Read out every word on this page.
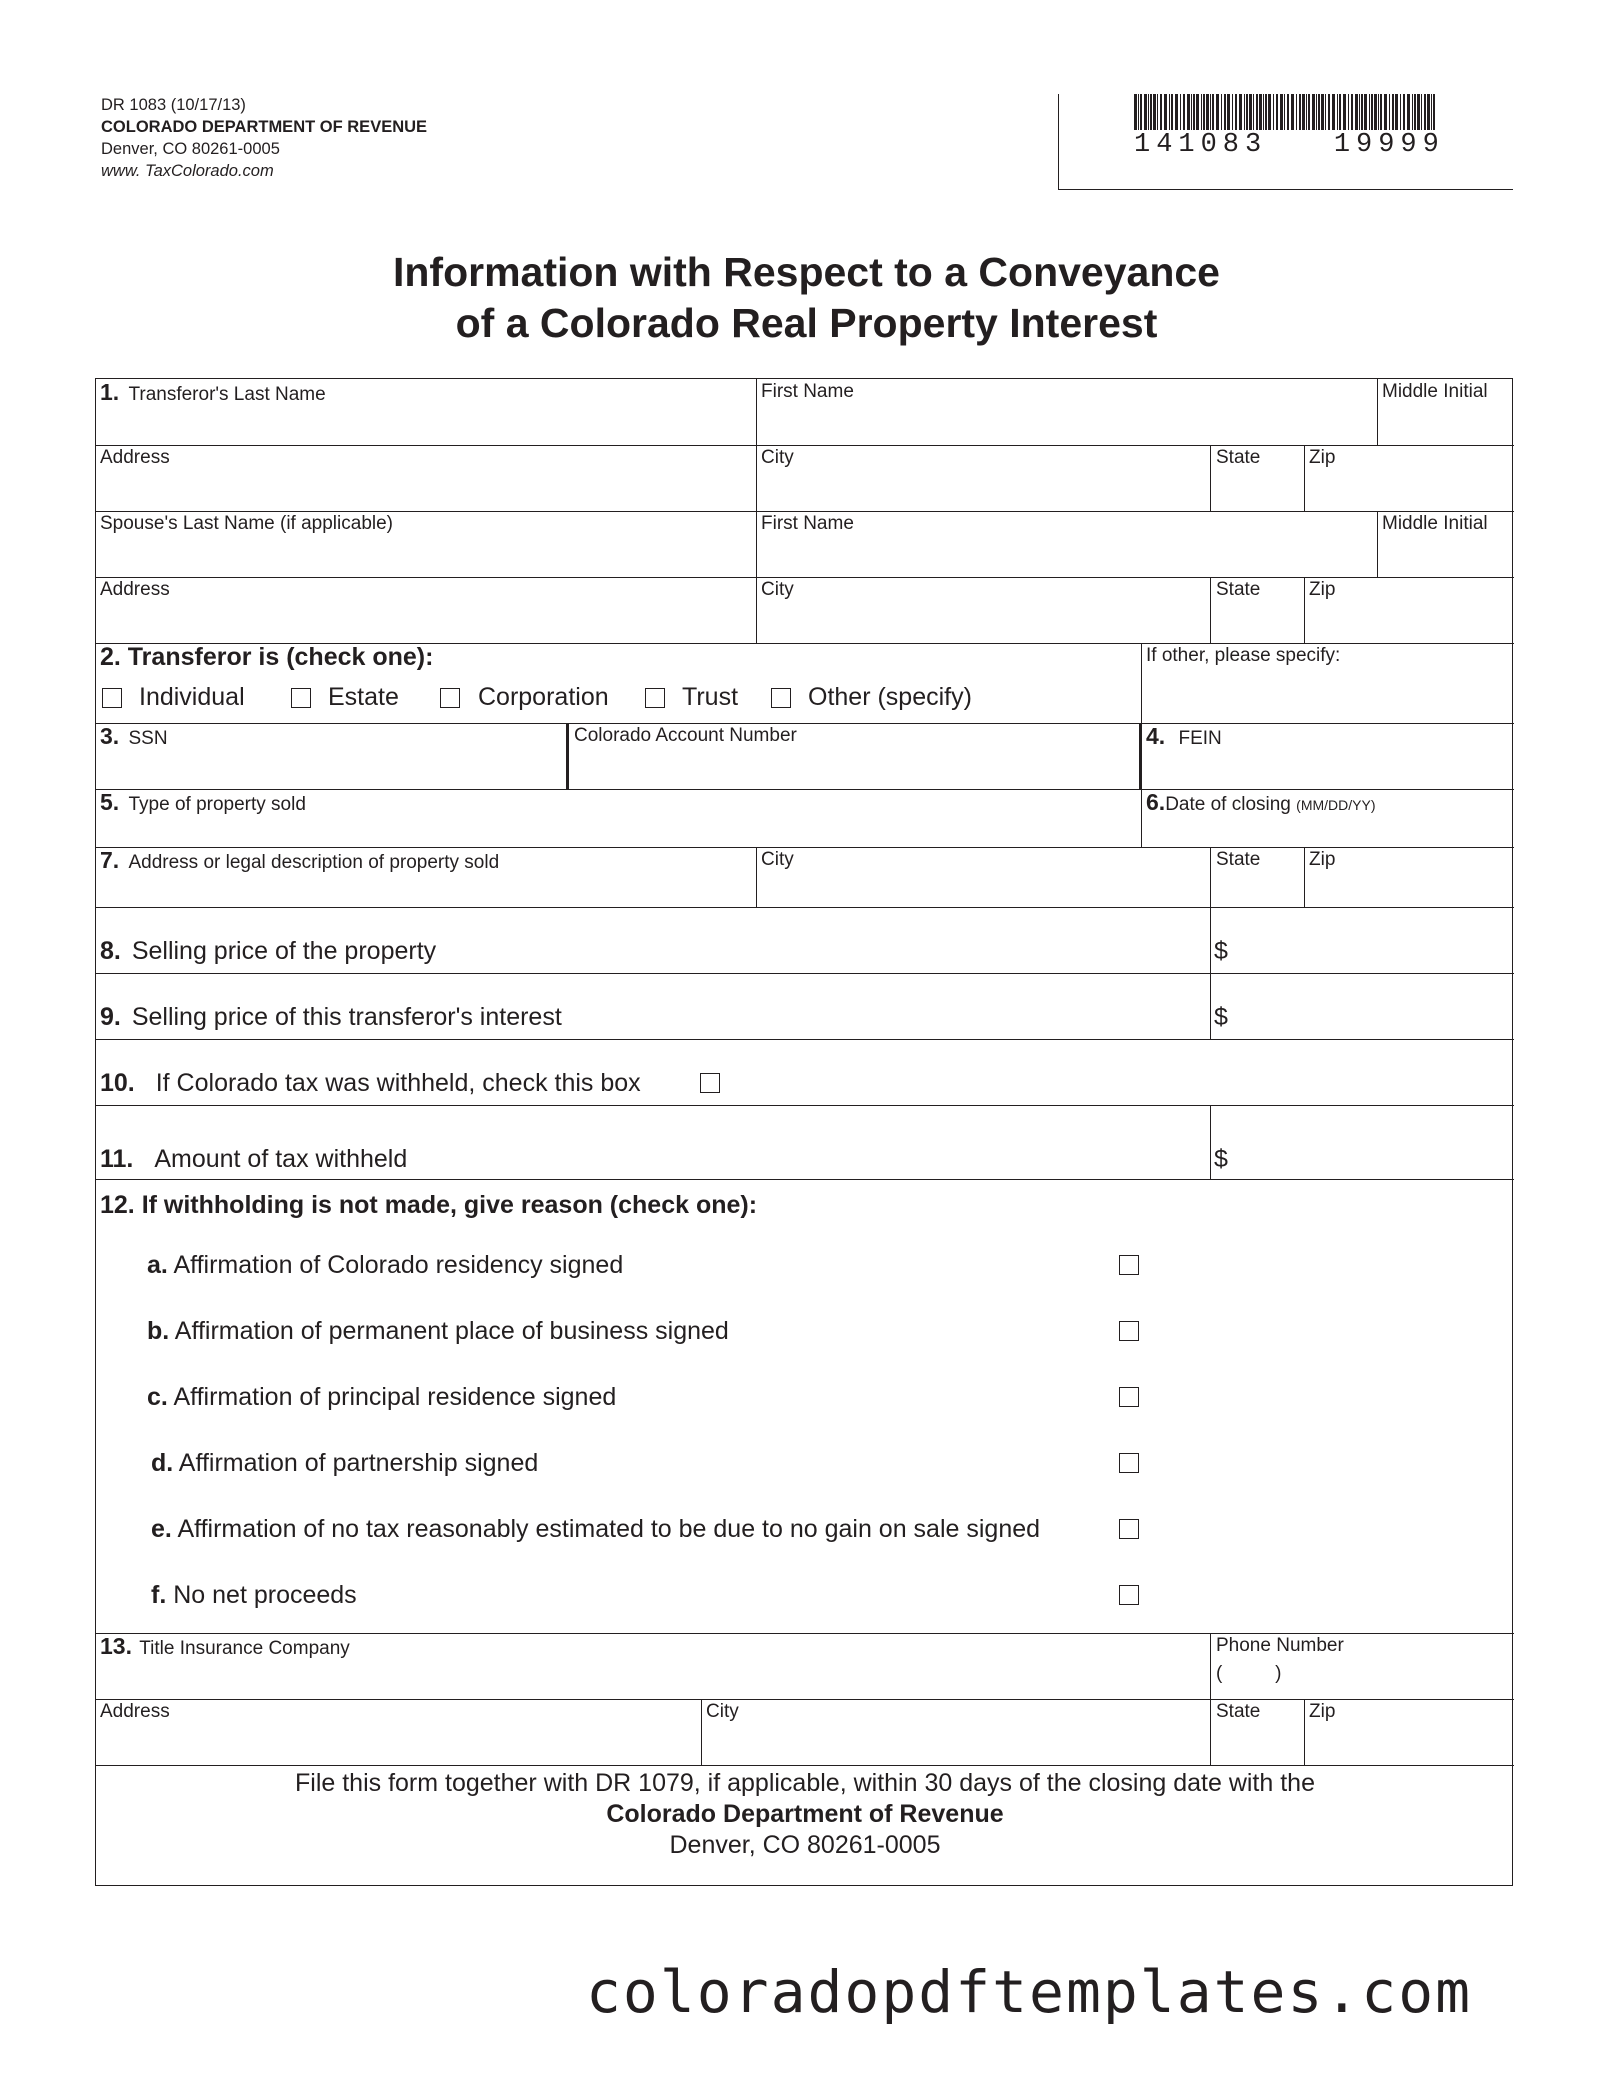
DR 1083 (10/17/13)
COLORADO DEPARTMENT OF REVENUE
Denver, CO 80261-0005
www. TaxColorado.com
141083   19999
Information with Respect to a Conveyance
of a Colorado Real Property Interest
1. Transferor's Last Name	First Name	Middle Initial
Address	City	State	Zip
Spouse's Last Name (if applicable)	First Name	Middle Initial
Address	City	State	Zip
2. Transferor is (check one):	If other, please specify:
Individual	Estate	Corporation	Trust	Other (specify)
3. SSN	Colorado Account Number	4. FEIN
5. Type of property sold	6.Date of closing (MM/DD/YY)
7. Address or legal description of property sold	City	State	Zip
8. Selling price of the property	$
9. Selling price of this transferor's interest	$
10. If Colorado tax was withheld, check this box
11. Amount of tax withheld	$
12. If withholding is not made, give reason (check one):
a. Affirmation of Colorado residency signed
b. Affirmation of permanent place of business signed
c. Affirmation of principal residence signed
d. Affirmation of partnership signed
e. Affirmation of no tax reasonably estimated to be due to no gain on sale signed
f. No net proceeds
13. Title Insurance Company	Phone Number
(          )
Address	City	State	Zip
File this form together with DR 1079, if applicable, within 30 days of the closing date with the
Colorado Department of Revenue
Denver, CO 80261-0005
coloradopdftemplates.com
